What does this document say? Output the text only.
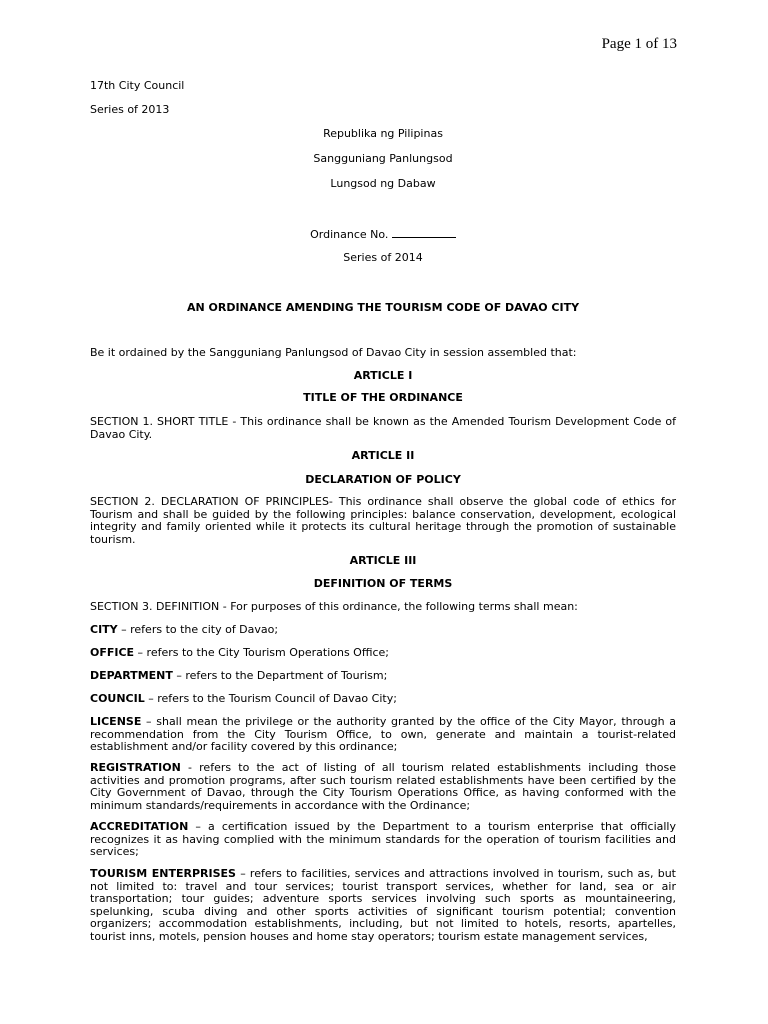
Page 1 of 13
17th City Council
Series of 2013
Republika ng Pilipinas
Sangguniang Panlungsod
Lungsod ng Dabaw
Ordinance No.
Series of 2014
AN ORDINANCE AMENDING THE TOURISM CODE OF DAVAO CITY
Be it ordained by the Sangguniang Panlungsod of Davao City in session assembled that:
ARTICLE I
TITLE OF THE ORDINANCE
SECTION 1. SHORT TITLE - This ordinance shall be known as the Amended Tourism Development Code of Davao City.
ARTICLE II
DECLARATION OF POLICY
SECTION 2. DECLARATION OF PRINCIPLES- This ordinance shall observe the global code of ethics for Tourism and shall be guided by the following principles: balance conservation, development, ecological integrity and family oriented while it protects its cultural heritage through the promotion of sustainable tourism.
ARTICLE III
DEFINITION OF TERMS
SECTION 3. DEFINITION - For purposes of this ordinance, the following terms shall mean:
CITY – refers to the city of Davao;
OFFICE – refers to the City Tourism Operations Office;
DEPARTMENT – refers to the Department of Tourism;
COUNCIL – refers to the Tourism Council of Davao City;
LICENSE – shall mean the privilege or the authority granted by the office of the City Mayor, through a recommendation from the City Tourism Office, to own, generate and maintain a tourist-related establishment and/or facility covered by this ordinance;
REGISTRATION - refers to the act of listing of all tourism related establishments including those activities and promotion programs, after such tourism related establishments have been certified by the City Government of Davao, through the City Tourism Operations Office, as having conformed with the minimum standards/requirements in accordance with the Ordinance;
ACCREDITATION – a certification issued by the Department to a tourism enterprise that officially recognizes it as having complied with the minimum standards for the operation of tourism facilities and services;
TOURISM ENTERPRISES – refers to facilities, services and attractions involved in tourism, such as, but not limited to: travel and tour services; tourist transport services, whether for land, sea or air transportation; tour guides; adventure sports services involving such sports as mountaineering, spelunking, scuba diving and other sports activities of significant tourism potential; convention organizers; accommodation establishments, including, but not limited to hotels, resorts, apartelles, tourist inns, motels, pension houses and home stay operators; tourism estate management services,
